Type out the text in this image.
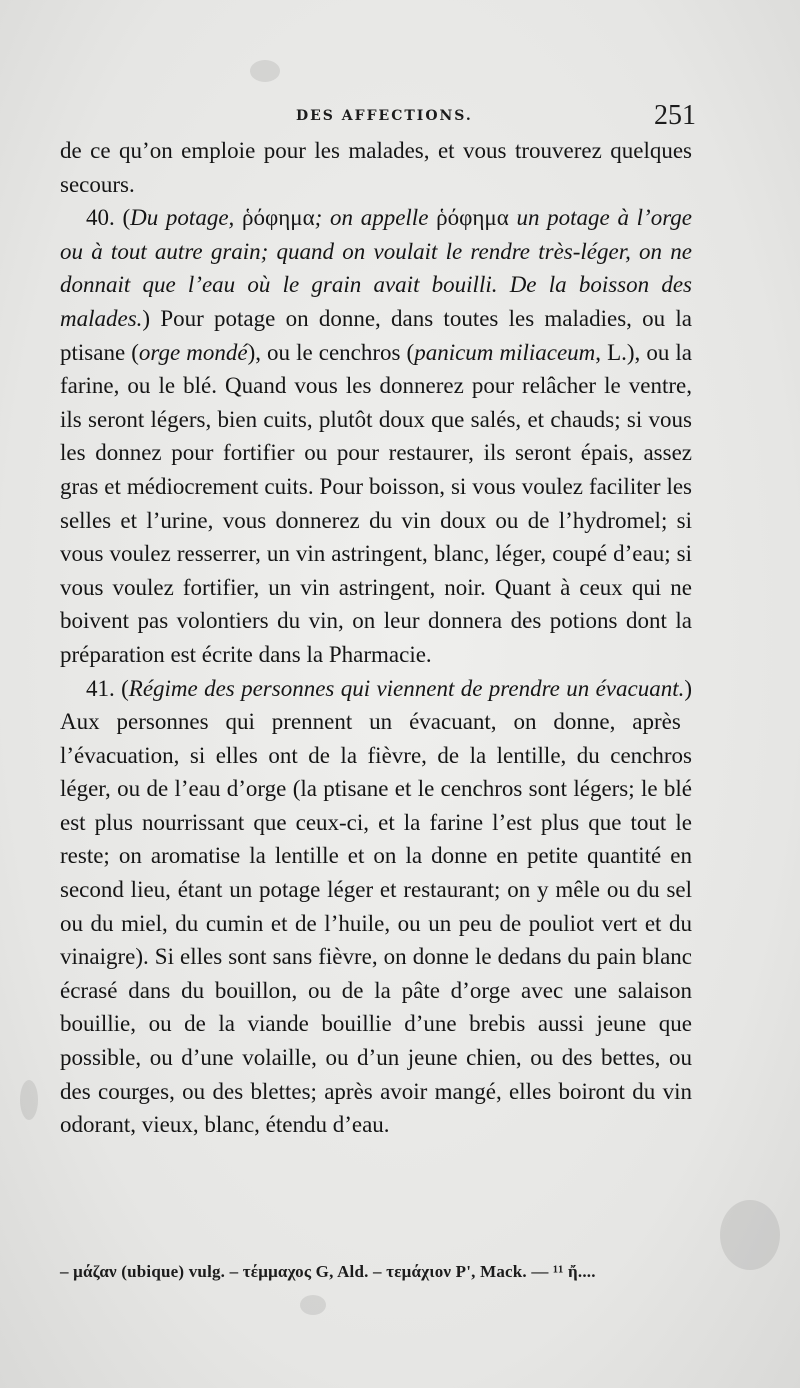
DES AFFECTIONS.	251

de ce qu’on emploie pour les malades, et vous trouverez quelques secours.

40. (Du potage, ῥόφημα; on appelle ῥόφημα un potage à l’orge ou à tout autre grain; quand on voulait le rendre très-léger, on ne donnait que l’eau où le grain avait bouilli. De la boisson des malades.) Pour potage on donne, dans toutes les maladies, ou la ptisane (orge mondé), ou le cenchros (panicum miliaceum, L.), ou la farine, ou le blé. Quand vous les donnerez pour relâcher le ventre, ils seront légers, bien cuits, plutôt doux que salés, et chauds; si vous les donnez pour fortifier ou pour restaurer, ils seront épais, assez gras et médiocrement cuits. Pour boisson, si vous voulez faciliter les selles et l’urine, vous donnerez du vin doux ou de l’hydromel; si vous voulez resserrer, un vin astringent, blanc, léger, coupé d’eau; si vous voulez fortifier, un vin astringent, noir. Quant à ceux qui ne boivent pas volontiers du vin, on leur donnera des potions dont la préparation est écrite dans la Pharmacie.

41. (Régime des personnes qui viennent de prendre un évacuant.) Aux personnes qui prennent un évacuant, on donne, après l’évacuation, si elles ont de la fièvre, de la lentille, du cenchros léger, ou de l’eau d’orge (la ptisane et le cenchros sont légers; le blé est plus nourrissant que ceux-ci, et la farine l’est plus que tout le reste; on aromatise la lentille et on la donne en petite quantité en second lieu, étant un potage léger et restaurant; on y mêle ou du sel ou du miel, du cumin et de l’huile, ou un peu de pouliot vert et du vinaigre). Si elles sont sans fièvre, on donne le dedans du pain blanc écrasé dans du bouillon, ou de la pâte d’orge avec une salaison bouillie, ou de la viande bouillie d’une brebis aussi jeune que possible, ou d’une volaille, ou d’un jeune chien, ou des bettes, ou des courges, ou des blettes; après avoir mangé, elles boiront du vin odorant, vieux, blanc, étendu d’eau.

– μάζαν (ubique) vulg. – τέμμαχος G, Ald. – τεμάχιον P', Mack. — ¹¹ ἤ....
